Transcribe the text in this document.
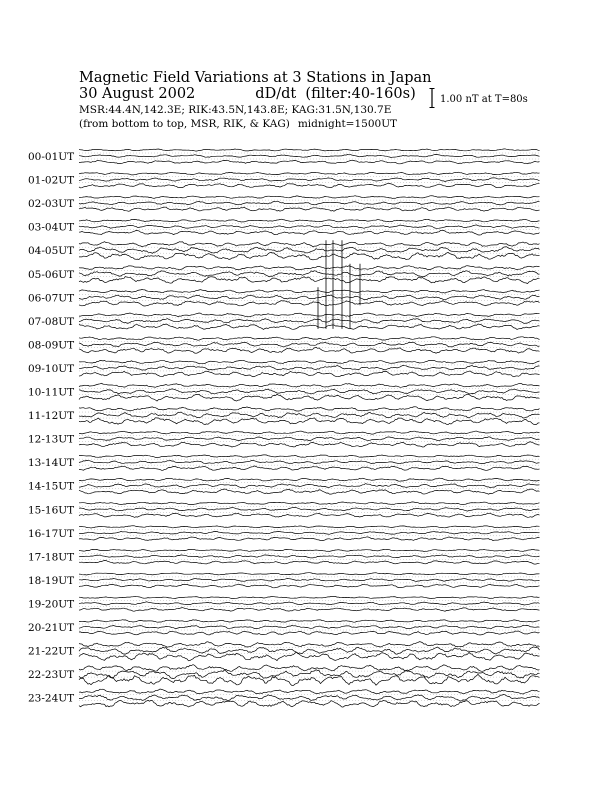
Magnetic Field Variations at 3 Stations in Japan
30 August 2002	dD/dt (filter:40-160s)
MSR:44.4N,142.3E; RIK:43.5N,143.8E; KAG:31.5N,130.7E
(from bottom to top, MSR, RIK, & KAG) midnight=1500UT
1.00 nT at T=80s
00-01UT
01-02UT
02-03UT
03-04UT
04-05UT
05-06UT
06-07UT
07-08UT
08-09UT
09-10UT
10-11UT
11-12UT
12-13UT
13-14UT
14-15UT
15-16UT
16-17UT
17-18UT
18-19UT
19-20UT
20-21UT
21-22UT
22-23UT
23-24UT
